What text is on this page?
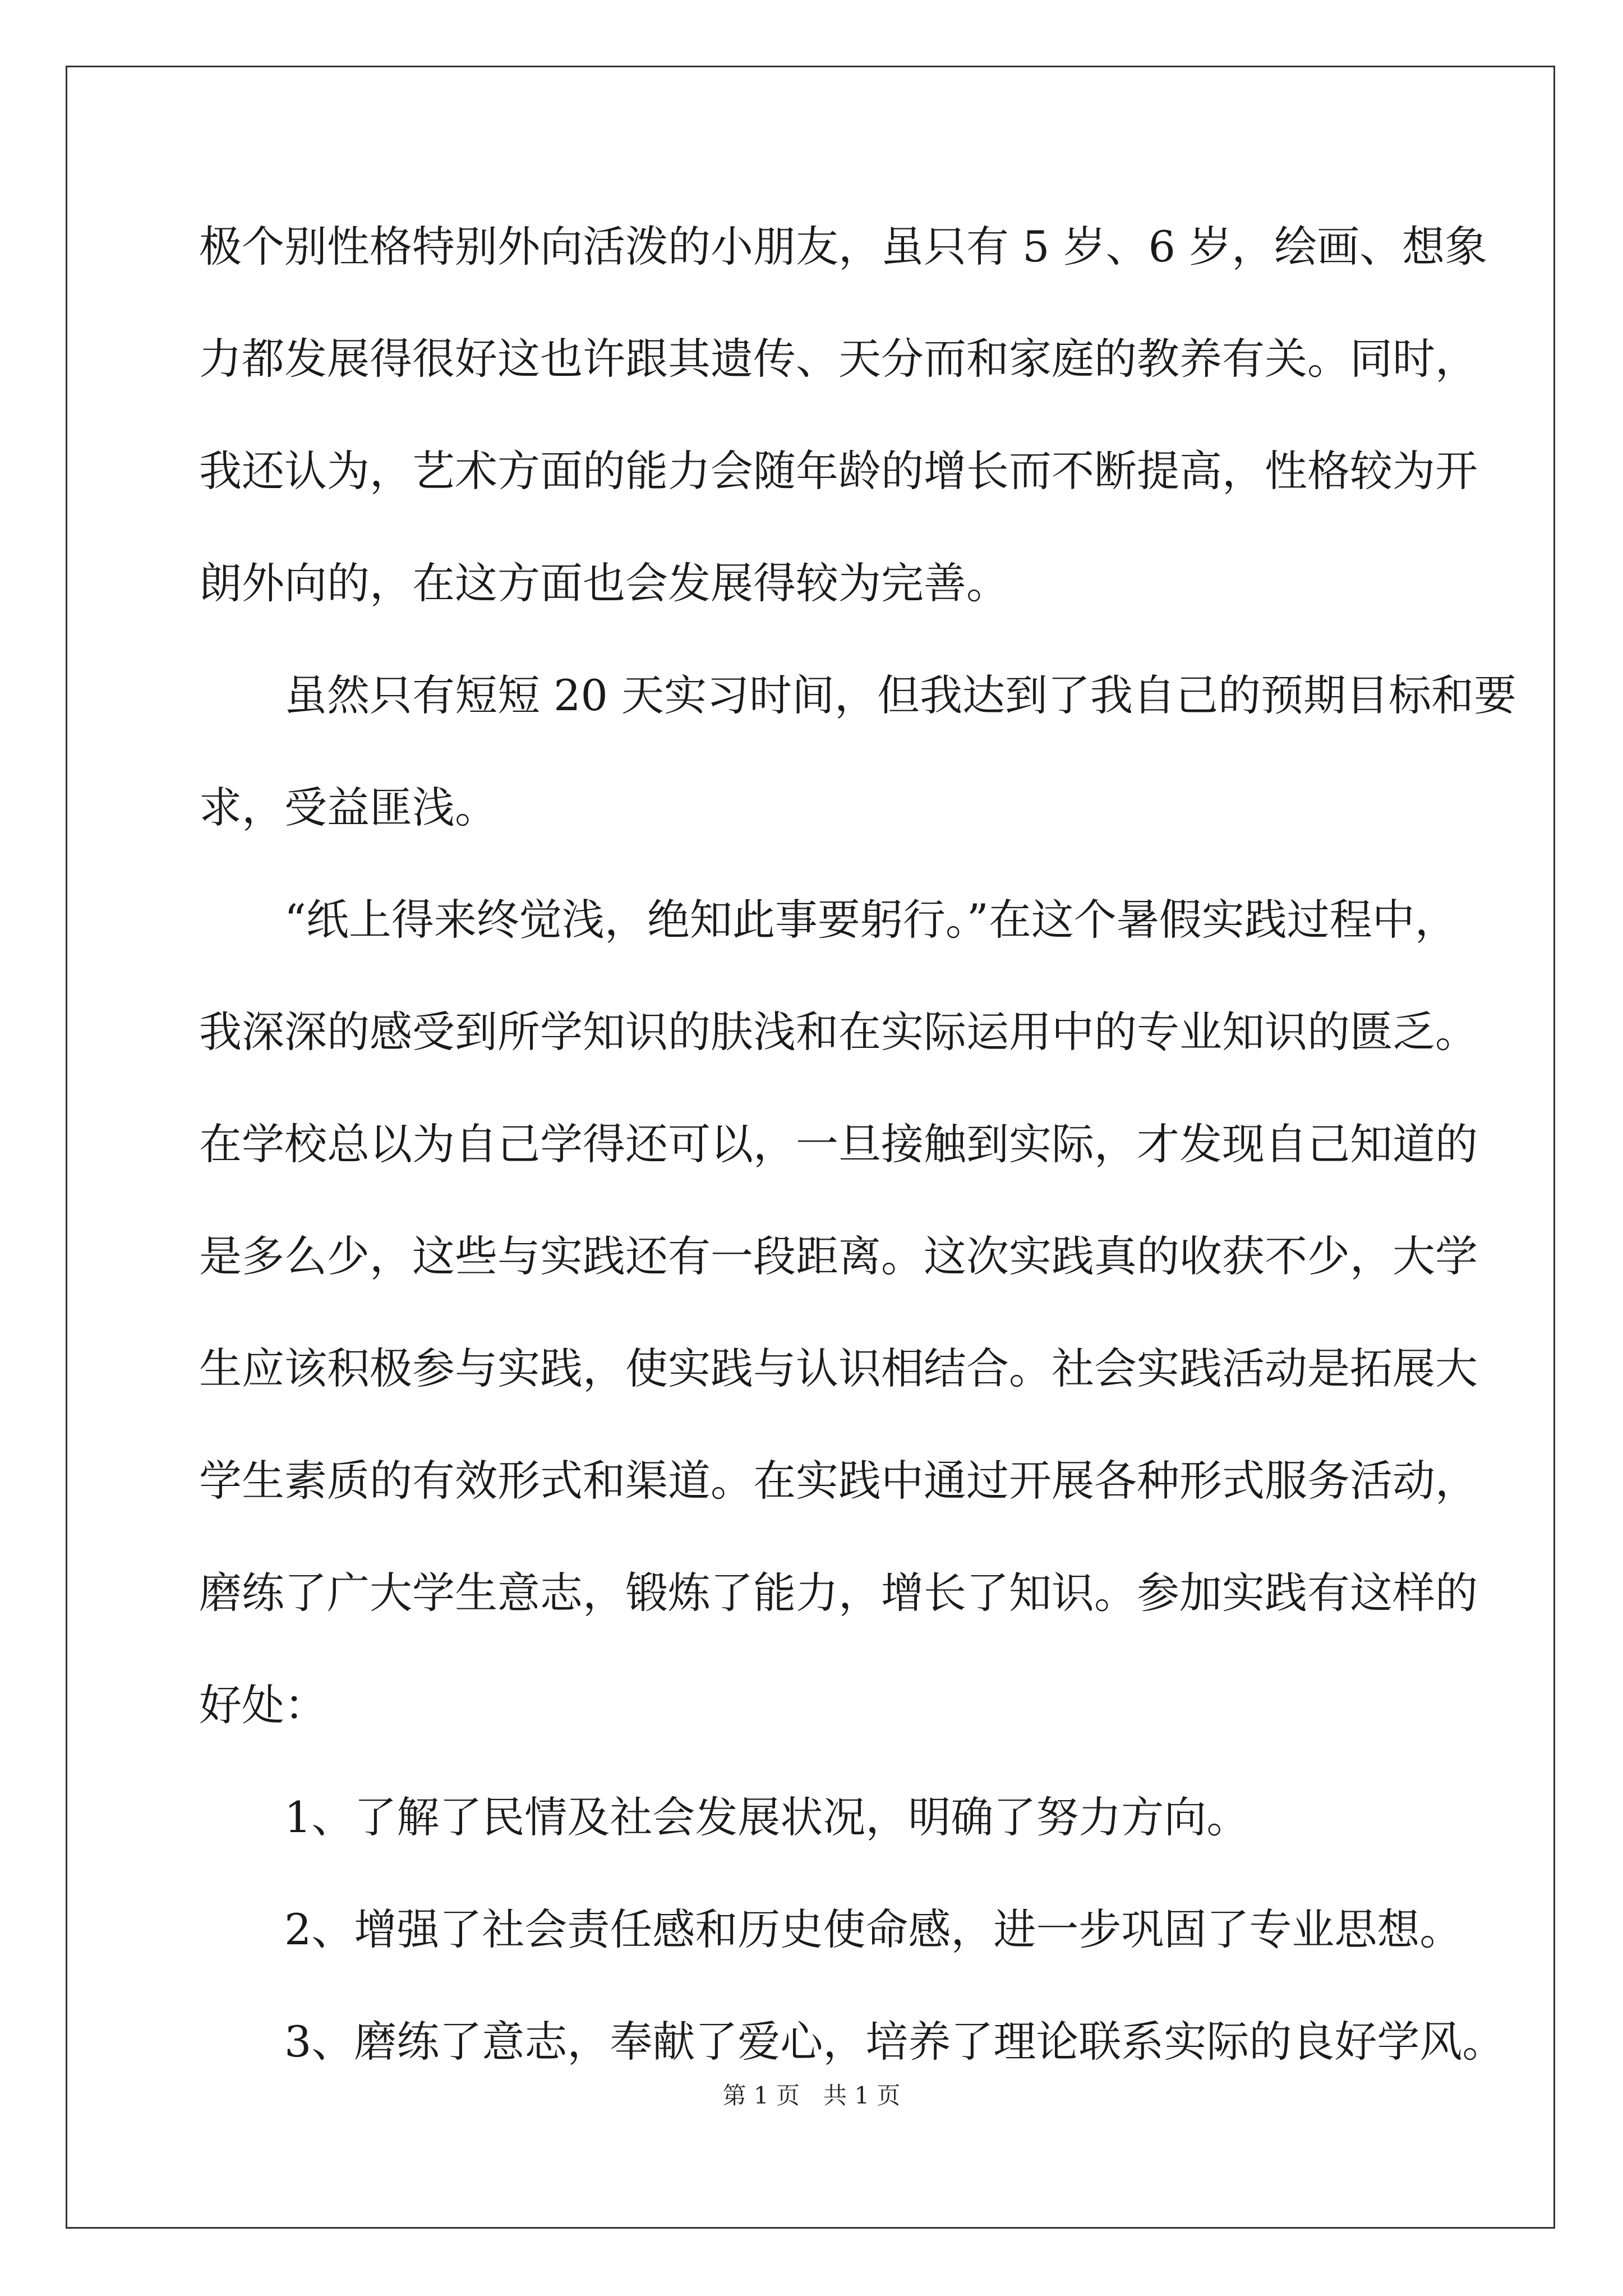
极个别性格特别外向活泼的小朋友，虽只有 5 岁、6 岁，绘画、想象
力都发展得很好这也许跟其遗传、天分而和家庭的教养有关。同时，
我还认为，艺术方面的能力会随年龄的增长而不断提高，性格较为开
朗外向的，在这方面也会发展得较为完善。
　　虽然只有短短 20 天实习时间，但我达到了我自己的预期目标和要
求，受益匪浅。
　　“纸上得来终觉浅，绝知此事要躬行。”在这个暑假实践过程中，
我深深的感受到所学知识的肤浅和在实际运用中的专业知识的匮乏。
在学校总以为自己学得还可以，一旦接触到实际，才发现自己知道的
是多么少，这些与实践还有一段距离。这次实践真的收获不少，大学
生应该积极参与实践，使实践与认识相结合。社会实践活动是拓展大
学生素质的有效形式和渠道。在实践中通过开展各种形式服务活动，
磨练了广大学生意志，锻炼了能力，增长了知识。参加实践有这样的
好处：
　　1、了解了民情及社会发展状况，明确了努力方向。
　　2、增强了社会责任感和历史使命感，进一步巩固了专业思想。
　　3、磨练了意志，奉献了爱心，培养了理论联系实际的良好学风。
第 1 页　共 1 页
